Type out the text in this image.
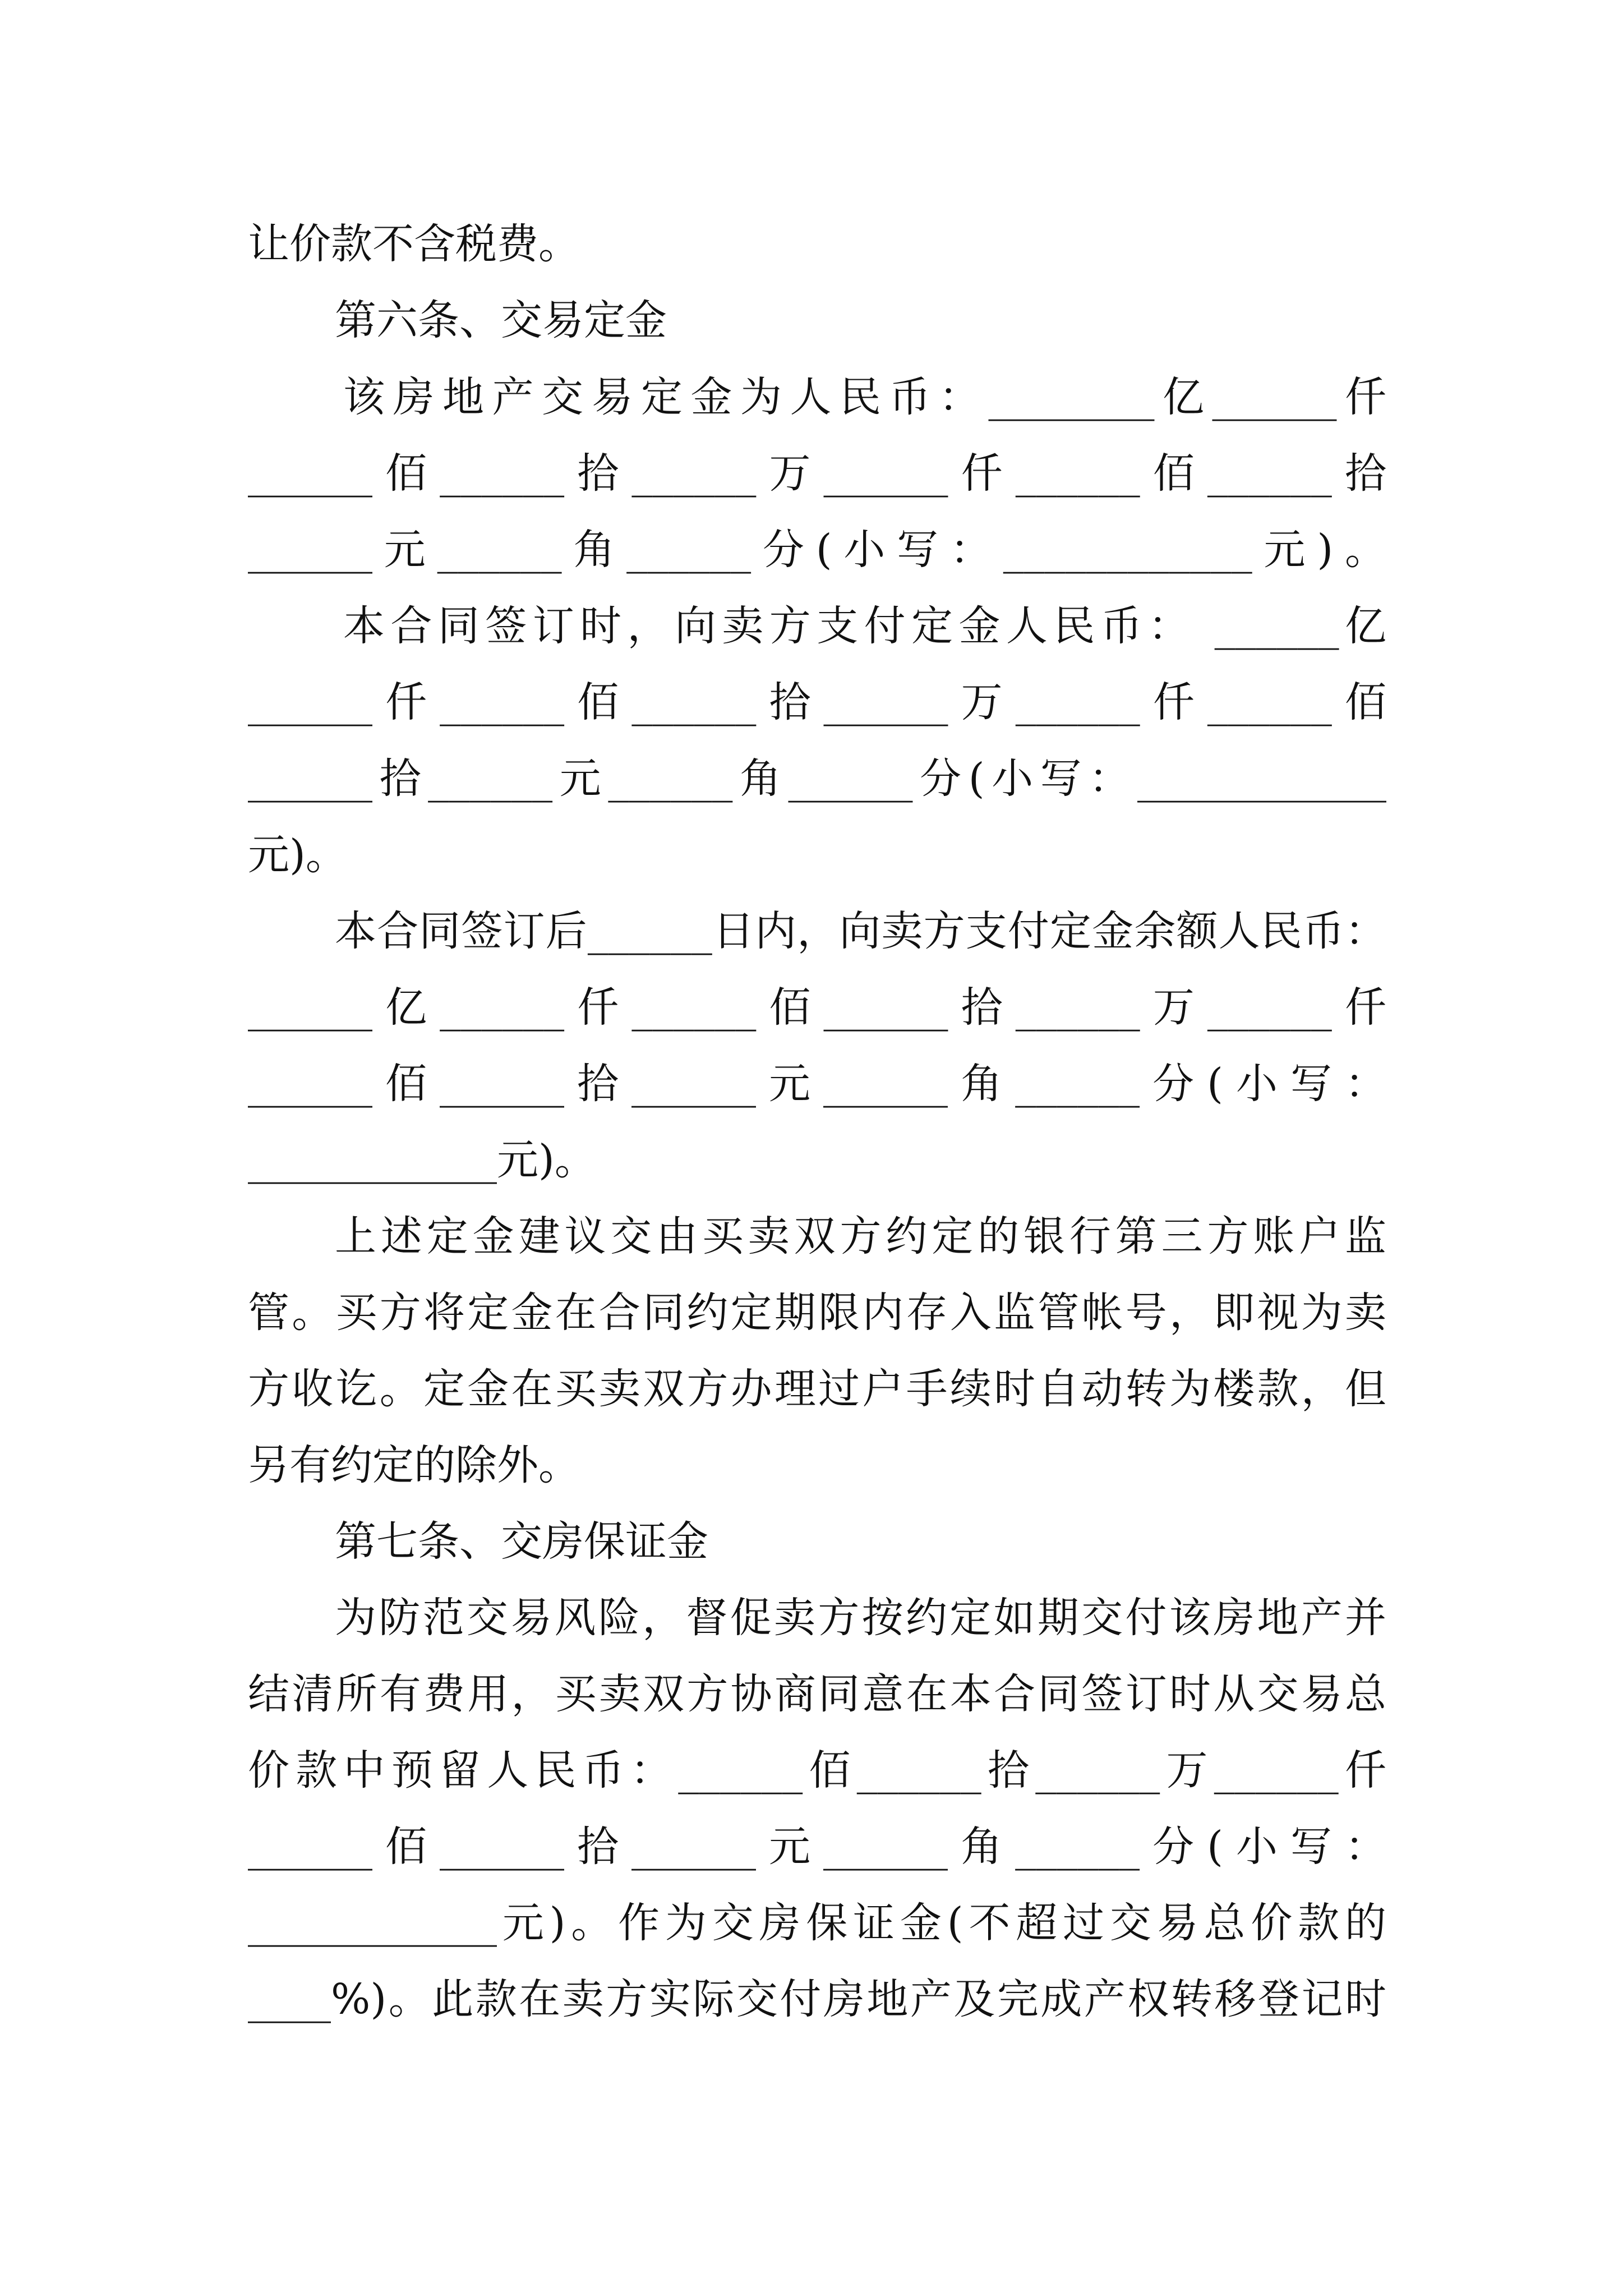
让价款不含税费。
第六条、交易定金
该房地产交易定金为人民币：________亿______仟
______佰______拾______万______仟______佰______拾
______元______角______分(小写：____________元)。
本合同签订时，向卖方支付定金人民币： ______亿
______仟______佰______拾______万______仟______佰
______拾______元______角______分(小写：____________
元)。
本合同签订后______日内，向卖方支付定金余额人民币：
______亿______仟______佰______拾______万______仟
______佰______拾______元______角______分(小写：
____________元)。
上述定金建议交由买卖双方约定的银行第三方账户监
管。买方将定金在合同约定期限内存入监管帐号，即视为卖
方收讫。定金在买卖双方办理过户手续时自动转为楼款，但
另有约定的除外。
第七条、交房保证金
为防范交易风险，督促卖方按约定如期交付该房地产并
结清所有费用，买卖双方协商同意在本合同签订时从交易总
价款中预留人民币：______佰______拾______万______仟
______佰______拾______元______角______分(小写：
____________元)。作为交房保证金(不超过交易总价款的
____%)。此款在卖方实际交付房地产及完成产权转移登记时
